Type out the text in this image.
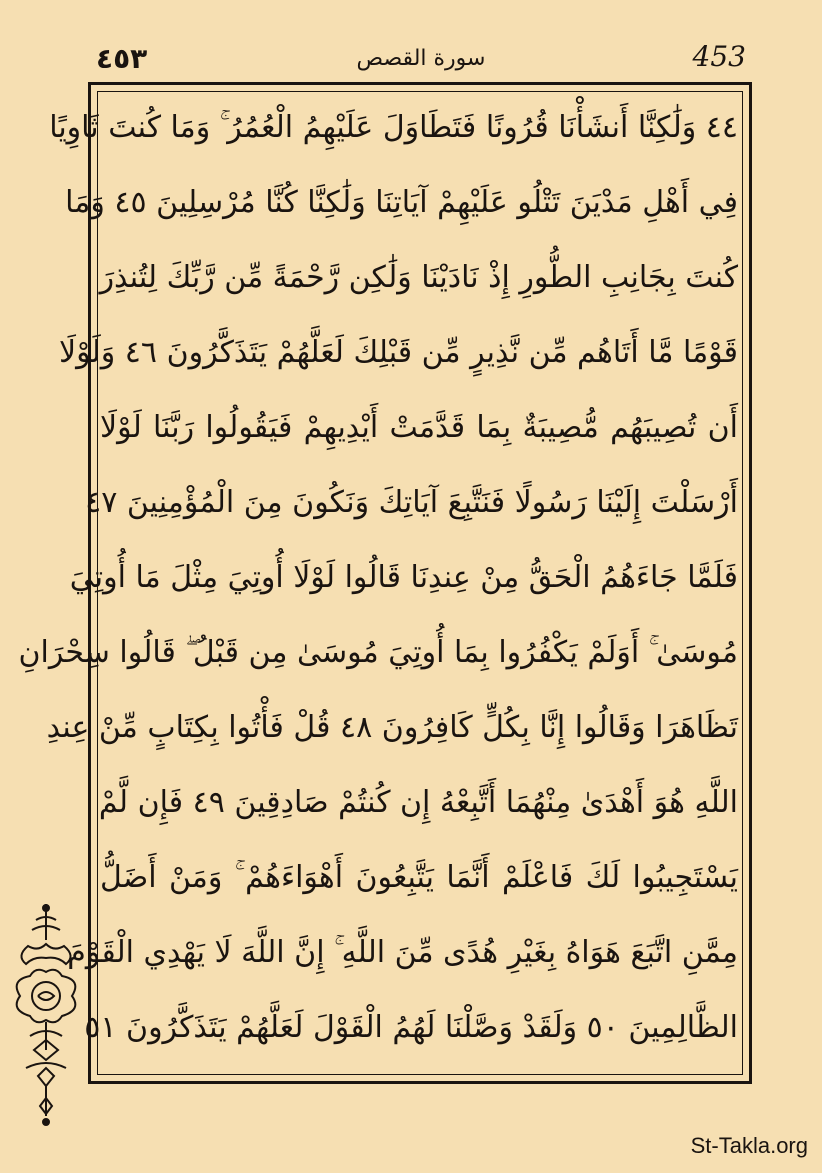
٤٥٣	سورة القصص	453
٤٤ وَلَٰكِنَّا أَنشَأْنَا قُرُونًا فَتَطَاوَلَ عَلَيْهِمُ الْعُمُرُ ۚ وَمَا كُنتَ ثَاوِيًا
فِي أَهْلِ مَدْيَنَ تَتْلُو عَلَيْهِمْ آيَاتِنَا وَلَٰكِنَّا كُنَّا مُرْسِلِينَ ٤٥ وَمَا
كُنتَ بِجَانِبِ الطُّورِ إِذْ نَادَيْنَا وَلَٰكِن رَّحْمَةً مِّن رَّبِّكَ لِتُنذِرَ
قَوْمًا مَّا أَتَاهُم مِّن نَّذِيرٍ مِّن قَبْلِكَ لَعَلَّهُمْ يَتَذَكَّرُونَ ٤٦ وَلَوْلَا
أَن تُصِيبَهُم مُّصِيبَةٌ بِمَا قَدَّمَتْ أَيْدِيهِمْ فَيَقُولُوا رَبَّنَا لَوْلَا
أَرْسَلْتَ إِلَيْنَا رَسُولًا فَنَتَّبِعَ آيَاتِكَ وَنَكُونَ مِنَ الْمُؤْمِنِينَ ٤٧
فَلَمَّا جَاءَهُمُ الْحَقُّ مِنْ عِندِنَا قَالُوا لَوْلَا أُوتِيَ مِثْلَ مَا أُوتِيَ
مُوسَىٰ ۚ أَوَلَمْ يَكْفُرُوا بِمَا أُوتِيَ مُوسَىٰ مِن قَبْلُ ۖ قَالُوا سِحْرَانِ
تَظَاهَرَا وَقَالُوا إِنَّا بِكُلٍّ كَافِرُونَ ٤٨ قُلْ فَأْتُوا بِكِتَابٍ مِّنْ عِندِ
اللَّهِ هُوَ أَهْدَىٰ مِنْهُمَا أَتَّبِعْهُ إِن كُنتُمْ صَادِقِينَ ٤٩ فَإِن لَّمْ
يَسْتَجِيبُوا لَكَ فَاعْلَمْ أَنَّمَا يَتَّبِعُونَ أَهْوَاءَهُمْ ۚ وَمَنْ أَضَلُّ
مِمَّنِ اتَّبَعَ هَوَاهُ بِغَيْرِ هُدًى مِّنَ اللَّهِ ۚ إِنَّ اللَّهَ لَا يَهْدِي الْقَوْمَ
الظَّالِمِينَ ٥٠ وَلَقَدْ وَصَّلْنَا لَهُمُ الْقَوْلَ لَعَلَّهُمْ يَتَذَكَّرُونَ ٥١
St-Takla.org
